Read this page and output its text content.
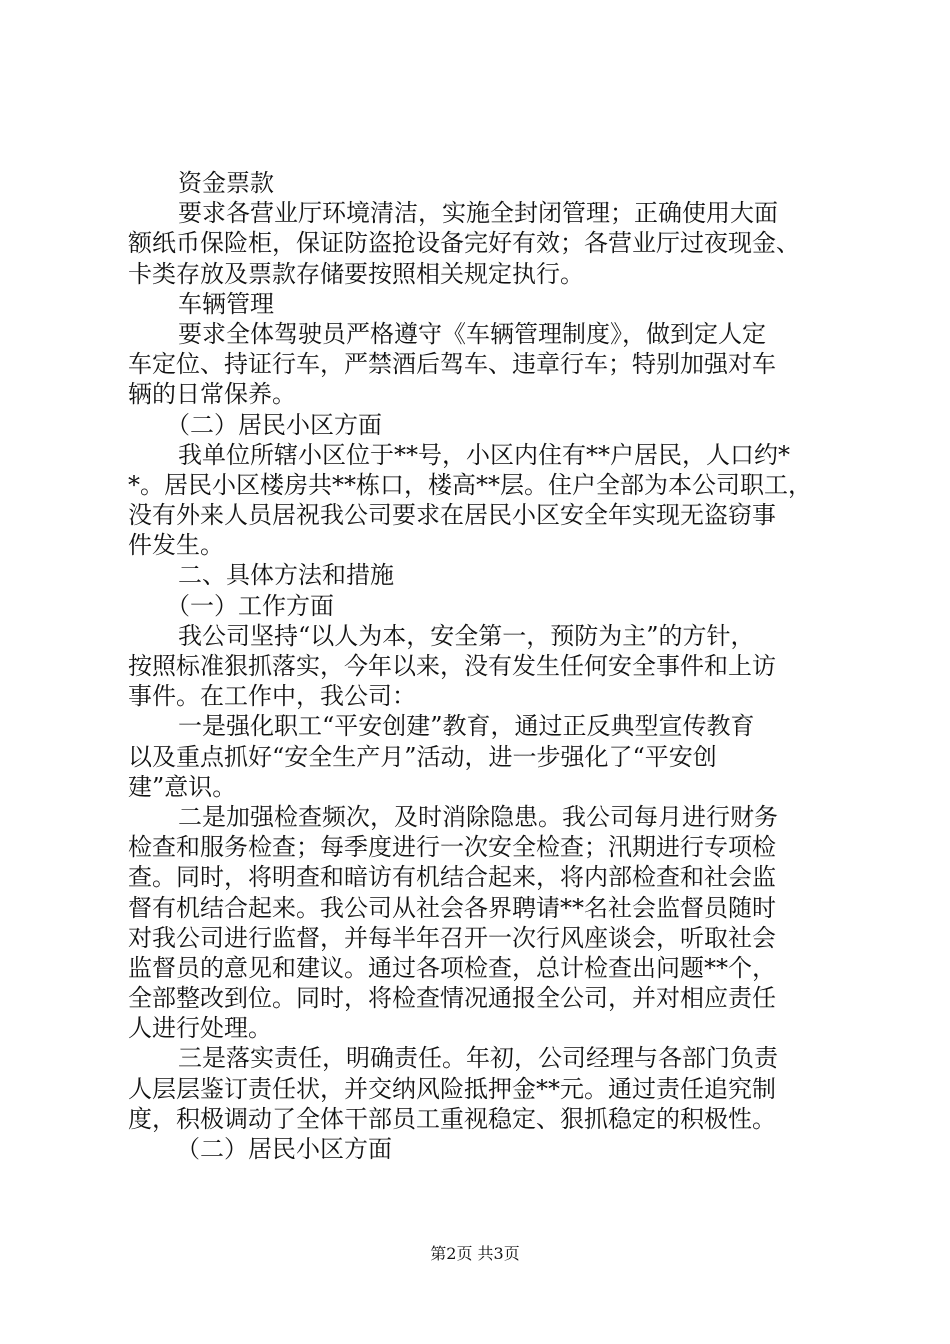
资金票款
要求各营业厅环境清洁，实施全封闭管理；正确使用大面
额纸币保险柜，保证防盗抢设备完好有效；各营业厅过夜现金、
卡类存放及票款存储要按照相关规定执行。
车辆管理
要求全体驾驶员严格遵守《车辆管理制度》，做到定人定
车定位、持证行车，严禁酒后驾车、违章行车；特别加强对车
辆的日常保养。
（二）居民小区方面
我单位所辖小区位于**号，小区内住有**户居民，人口约*
*。居民小区楼房共**栋口，楼高**层。住户全部为本公司职工，
没有外来人员居祝我公司要求在居民小区安全年实现无盗窃事
件发生。
二、具体方法和措施
（一）工作方面
我公司坚持“以人为本，安全第一，预防为主”的方针，
按照标准狠抓落实，今年以来，没有发生任何安全事件和上访
事件。在工作中，我公司：
一是强化职工“平安创建”教育，通过正反典型宣传教育
以及重点抓好“安全生产月”活动，进一步强化了“平安创
建”意识。
二是加强检查频次，及时消除隐患。我公司每月进行财务
检查和服务检查；每季度进行一次安全检查；汛期进行专项检
查。同时，将明查和暗访有机结合起来，将内部检查和社会监
督有机结合起来。我公司从社会各界聘请**名社会监督员随时
对我公司进行监督，并每半年召开一次行风座谈会，听取社会
监督员的意见和建议。通过各项检查，总计检查出问题**个，
全部整改到位。同时，将检查情况通报全公司，并对相应责任
人进行处理。
三是落实责任，明确责任。年初，公司经理与各部门负责
人层层鉴订责任状，并交纳风险抵押金**元。通过责任追究制
度，积极调动了全体干部员工重视稳定、狠抓稳定的积极性。
（二）居民小区方面
第2页 共3页
